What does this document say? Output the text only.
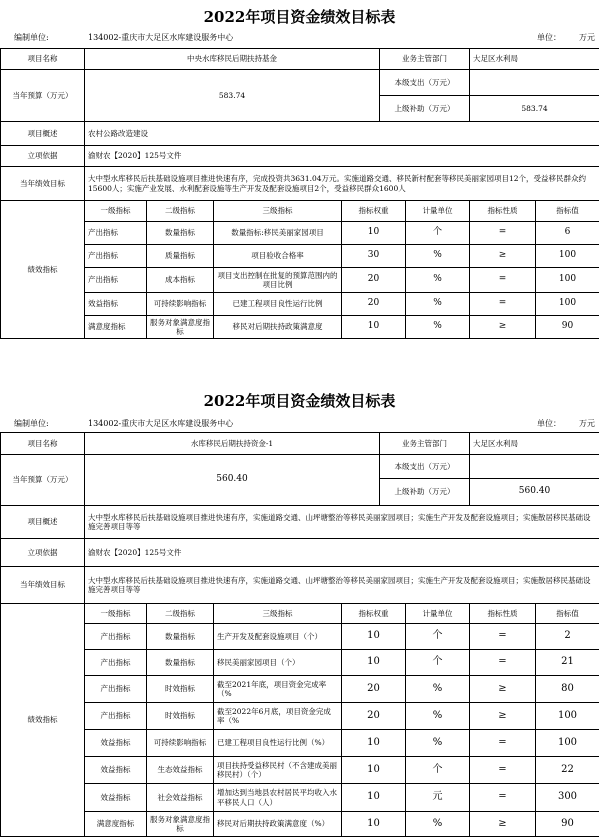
2022年项目资金绩效目标表
编制单位:	134002-重庆市大足区水库建设服务中心	单位： 万元
项目名称	中央水库移民后期扶持基金				业务主管部门		大足区水利局	
当年预算（万元）	583.74				本级支出（万元）			
					上级补助（万元）		583.74	
项目概述	农村公路改造建设							
立项依据	渝财农【2020】125号文件							
当年绩效目标	大中型水库移民后扶基础设施项目推进快速有序，完成投资共3631.04万元。实施道路交通、移民新村配套等移民美丽家园项目12个，受益移民群众约15600人；实施产业发展、水利配套设施等生产开发及配套设施项目2个，受益移民群众1600人							
绩效指标	一级指标	二级指标	三级指标	指标权重		计量单位	指标性质	指标值
	产出指标	数量指标	数量指标:移民美丽家园项目	10		个	=	6
	产出指标	质量指标	项目验收合格率	30		%	≥	100
	产出指标	成本指标	项目支出控制在批复的预算范围内的项目比例	20		%	=	100
	效益指标	可持续影响指标	已建工程项目良性运行比例	20		%	=	100
	满意度指标	服务对象满意度指标	移民对后期扶持政策满意度	10		%	≥	90
2022年项目资金绩效目标表
编制单位:	134002-重庆市大足区水库建设服务中心	单位： 万元
项目名称	水库移民后期扶持资金-1				业务主管部门		大足区水利局	
当年预算（万元）	560.40				本级支出（万元）			
					上级补助（万元）		560.40	
项目概述	大中型水库移民后扶基础设施项目推进快速有序，实施道路交通、山坪塘整治等移民美丽家园项目；实施生产开发及配套设施项目；实施散居移民基础设施完善项目等等							
立项依据	渝财农【2020】125号文件							
当年绩效目标	大中型水库移民后扶基础设施项目推进快速有序，实施道路交通、山坪塘整治等移民美丽家园项目；实施生产开发及配套设施项目；实施散居移民基础设施完善项目等等							
绩效指标	一级指标	二级指标	三级指标	指标权重		计量单位	指标性质	指标值
	产出指标	数量指标	生产开发及配套设施项目（个）	10		个	=	2
	产出指标	数量指标	移民美丽家园项目（个）	10		个	=	21
	产出指标	时效指标	截至2021年底，项目资金完成率（%	20		%	≥	80
	产出指标	时效指标	截至2022年6月底，项目资金完成率（%	20		%	≥	100
	效益指标	可持续影响指标	已建工程项目良性运行比例（%）	10		%	=	100
	效益指标	生态效益指标	项目扶持受益移民村（不含建成美丽移民村）（个）	10		个	=	22
	效益指标	社会效益指标	增加达到当地县农村居民平均收入水平移民人口（人）	10		元	=	300
	满意度指标	服务对象满意度指标	移民对后期扶持政策满意度（%）	10		%	≥	90
